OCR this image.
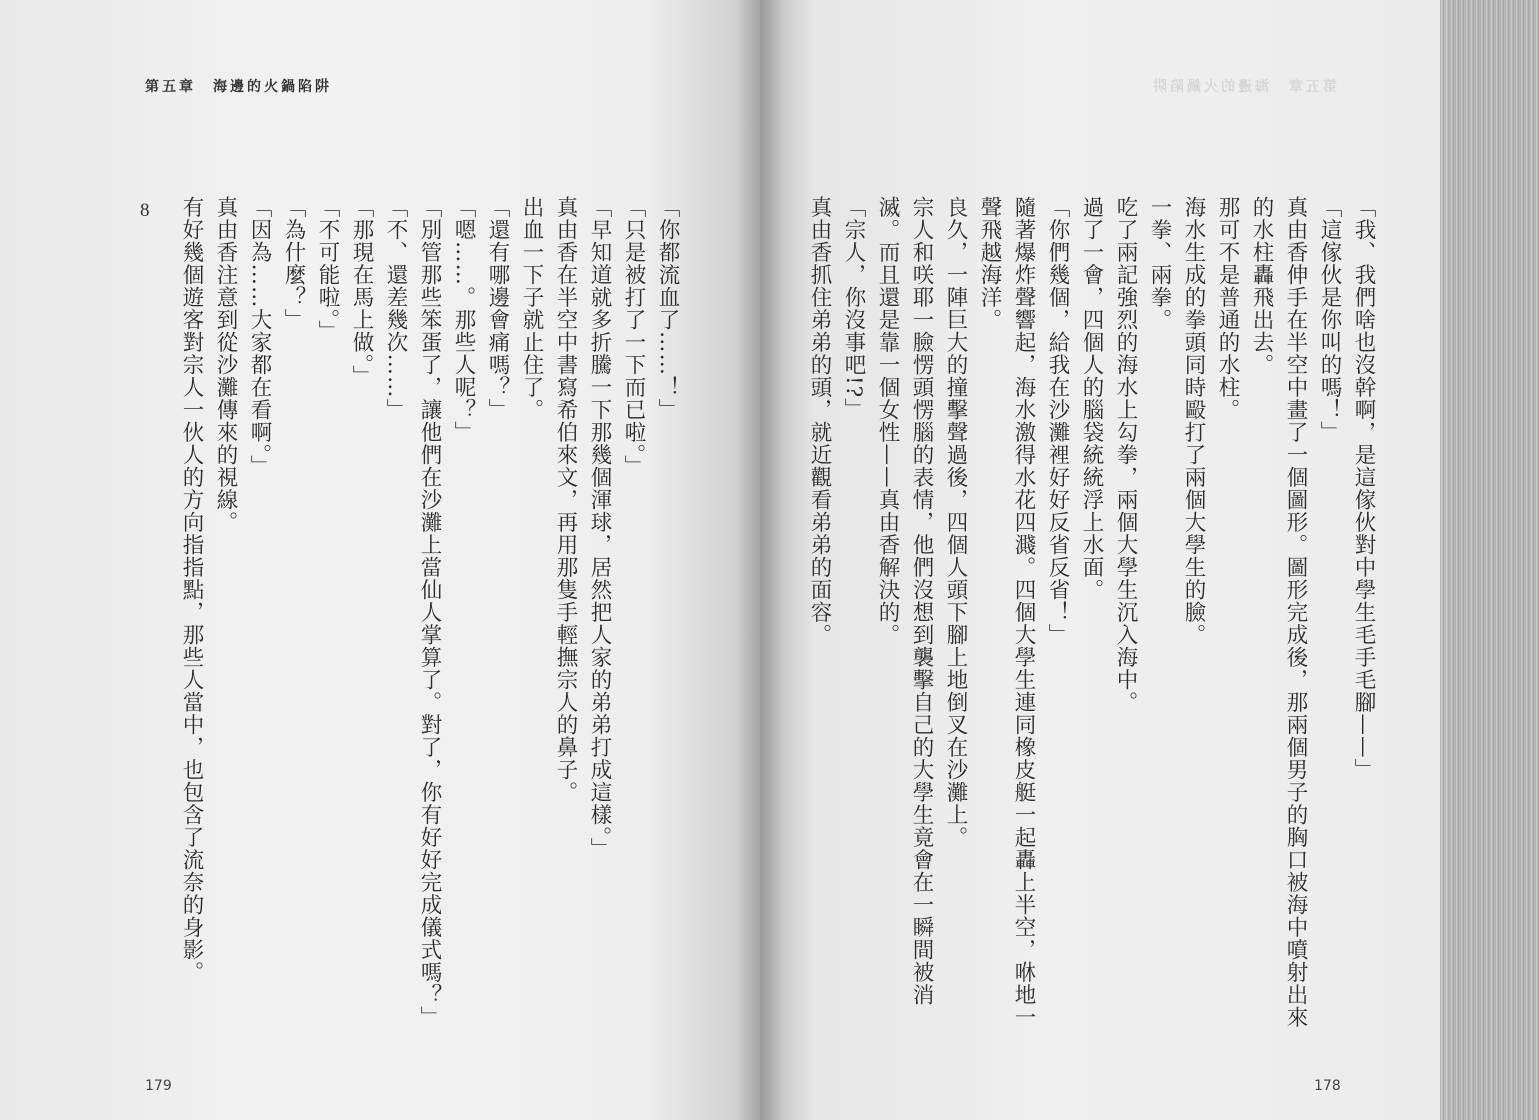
第五章　海邊的火鍋陷阱
8	「你都流血了……！」

「只是被打了一下而已啦。」

「早知道就多折騰一下那幾個渾球，居然把人家的弟弟打成這樣。」

真由香在半空中書寫希伯來文，再用那隻手輕撫宗人的鼻子。

出血一下子就止住了。

「還有哪邊會痛嗎？」

「嗯……。那些人呢？」

「別管那些笨蛋了，讓他們在沙灘上當仙人掌算了。對了，你有好好完成儀式嗎？」

「不、還差幾次……」

「那現在馬上做。」

「不可能啦。」

「為什麼？」

「因為……大家都在看啊。」

真由香注意到從沙灘傳來的視線。

有好幾個遊客對宗人一伙人的方向指指點，那些人當中，也包含了流奈的身影。

179
第五章　海邊的火鍋陷阱

「我、我們啥也沒幹啊，是這傢伙對中學生毛手毛腳——」

「這傢伙是你叫的嗎！」

真由香伸手在半空中畫了一個圖形。圖形完成後，那兩個男子的胸口被海中噴射出來的水柱轟飛出去。

那可不是普通的水柱。

海水生成的拳頭同時毆打了兩個大學生的臉。

一拳、兩拳。

吃了兩記強烈的海水上勾拳，兩個大學生沉入海中。

過了一會，四個人的腦袋統統浮上水面。

「你們幾個，給我在沙灘裡好好反省反省！」

隨著爆炸聲響起，海水激得水花四濺。四個大學生連同橡皮艇一起轟上半空，咻地一聲飛越海洋。

良久，一陣巨大的撞擊聲過後，四個人頭下腳上地倒叉在沙灘上。

宗人和咲耶一臉愣頭愣腦的表情，他們沒想到襲擊自己的大學生竟會在一瞬間被消滅。而且還是靠一個女性——真由香解決的。

「宗人，你沒事吧!?」

真由香抓住弟弟的頭，就近觀看弟弟的面容。

178
